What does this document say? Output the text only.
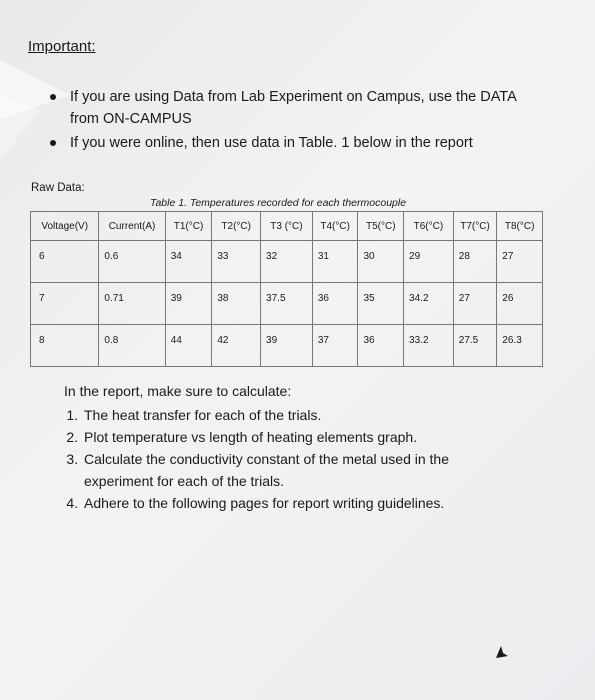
Important:
If you are using Data from Lab Experiment on Campus, use the DATA from ON-CAMPUS
If you were online, then use data in Table. 1 below in the report
Raw Data:
Table 1. Temperatures recorded for each thermocouple
Voltage(V)	Current(A)	T1(°C)	T2(°C)	T3 (°C)	T4(°C)	T5(°C)	T6(°C)	T7(°C)	T8(°C)
6	0.6	34	33	32	31	30	29	28	27
7	0.71	39	38	37.5	36	35	34.2	27	26
8	0.8	44	42	39	37	36	33.2	27.5	26.3
In the report, make sure to calculate:
1. The heat transfer for each of the trials.
2. Plot temperature vs length of heating elements graph.
3. Calculate the conductivity constant of the metal used in the experiment for each of the trials.
4. Adhere to the following pages for report writing guidelines.
